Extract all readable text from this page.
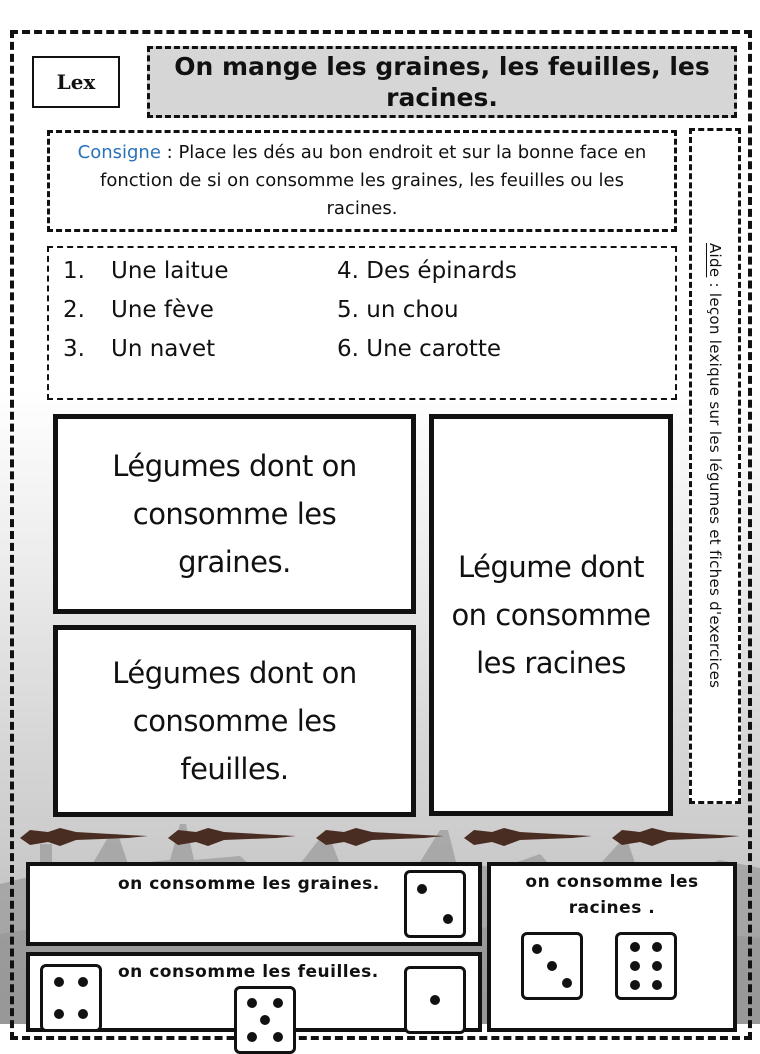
Lex
On mange les graines, les feuilles, les racines.
Consigne : Place les dés au bon endroit et sur la bonne face en fonction de si on consomme les graines, les feuilles ou les racines.
Aide : leçon lexique sur les légumes et fiches d'exercices
1. Une laitue
2. Une fève
3. Un navet
4. Des épinards
5. un chou
6. Une carotte
Légumes dont on consomme les graines.
Légumes dont on consomme les feuilles.
Légume dont on consomme les racines
on consomme les graines.	on consomme les
racines .
on consomme les feuilles.
